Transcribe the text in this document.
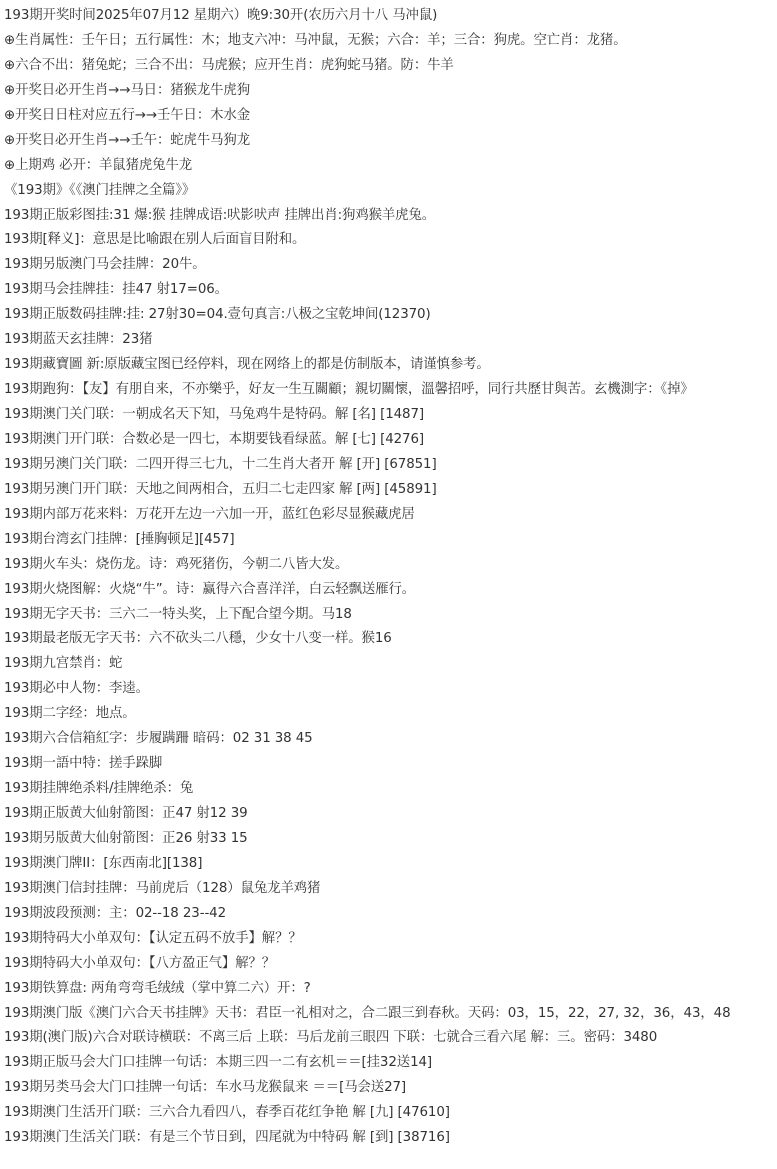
193期开奖时间2025年07月12 星期六）晚9:30开(农历六月十八 马冲鼠)
⊕生肖属性：壬午日；五行属性：木；地支六冲：马冲鼠，无猴；六合：羊；三合：狗虎。空亡肖：龙猪。
⊕六合不出：猪兔蛇；三合不出：马虎猴；应开生肖：虎狗蛇马猪。防：牛羊
⊕开奖日必开生肖→→马日：猪猴龙牛虎狗
⊕开奖日日柱对应五行→→壬午日：木水金
⊕开奖日必开生肖→→壬午：蛇虎牛马狗龙
⊕上期鸡 必开：羊鼠猪虎兔牛龙
《193期》《《澳门挂牌之全篇》》
193期正版彩图挂:31 爆:猴 挂牌成语:吠影吠声 挂牌出肖:狗鸡猴羊虎兔。
193期[释义]：意思是比喻跟在别人后面盲目附和。
193期另版澳门马会挂牌：20牛。
193期马会挂牌挂：挂47 射17=06。
193期正版数码挂牌:挂: 27射30=04.壹句真言:八极之宝乾坤间(12370)
193期蓝天玄挂牌：23猪
193期藏寶圖 新:原版藏宝图已经停料，现在网络上的都是仿制版本，请谨慎参考。
193期跑狗：【友】有朋自来，不亦樂乎，好友一生互關顧；親切關懷，溫馨招呼，同行共歷甘與苦。玄機測字：《掉》
193期澳门关门联：一朝成名天下知，马兔鸡牛是特码。解 [名] [1487]
193期澳门开门联：合数必是一四七，本期要钱看绿蓝。解 [七] [4276]
193期另澳门关门联：二四开得三七九，十二生肖大者开 解 [开] [67851]
193期另澳门开门联：天地之间两相合，五归二七走四家 解 [两] [45891]
193期内部万花来料：万花开左边一六加一开，蓝红色彩尽显猴藏虎居
193期台湾玄门挂牌：[捶胸顿足][457]
193期火车头：烧伤龙。诗：鸡死猪伤，今朝二八皆大发。
193期火烧图解：火烧“牛”。诗：赢得六合喜洋洋，白云轻飘送雁行。
193期无字天书：三六二一特头奖，上下配合望今期。马18
193期最老版无字天书：六不砍头二八穩，少女十八变一样。猴16
193期九宫禁肖：蛇
193期必中人物：李逵。
193期二字经：地点。
193期六合信箱紅字：步履蹒跚 暗码：02 31 38 45
193期一語中特：搓手跺脚
193期挂牌绝杀料/挂牌绝杀：兔
193期正版黄大仙射箭图：正47 射12 39
193期另版黄大仙射箭图：正26 射33 15
193期澳门牌II：[东西南北][138]
193期澳门信封挂牌：马前虎后（128）鼠兔龙羊鸡猪
193期波段预测：主：02--18 23--42
193期特码大小单双句：【认定五码不放手】解？？
193期特码大小单双句：【八方盈正气】解？？
193期铁算盘: 两角弯弯毛绒绒（掌中算二六）开：?
193期澳门版《澳门六合天书挂牌》天书：君臣一礼相对之，合二跟三到春秋。天码：03，15，22，27, 32，36，43，48
193期(澳门版)六合对联诗横联：不离三后 上联：马后龙前三眼四 下联：七就合三看六尾 解：三。密码：3480
193期正版马会大门口挂牌一句话：本期三四一二有玄机＝＝[挂32送14]
193期另类马会大门口挂牌一句话：车水马龙猴鼠来 ＝＝[马会送27]
193期澳门生活开门联：三六合九看四八，春季百花红争艳 解 [九] [47610]
193期澳门生活关门联：有是三个节日到，四尾就为中特码 解 [到] [38716]
